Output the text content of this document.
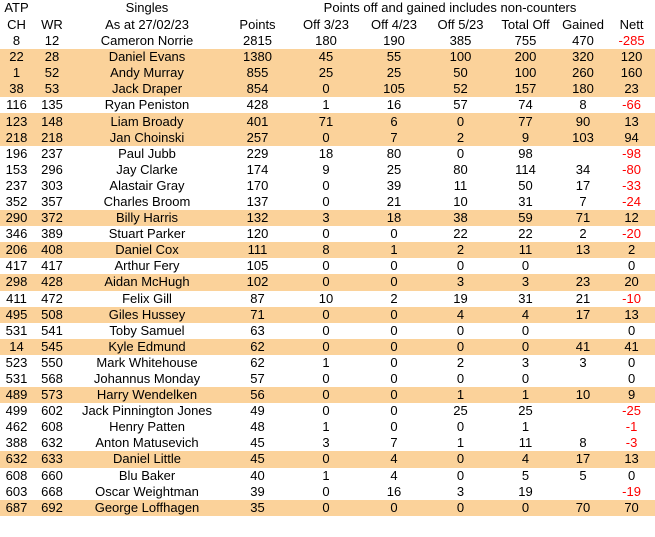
ATP		Singles		Points off and gained includes non-counters					
CH	WR	As at 27/02/23	Points	Off 3/23	Off 4/23	Off 5/23	Total Off	Gained	Nett
8	12	Cameron Norrie	2815	180	190	385	755	470	-285
22	28	Daniel Evans	1380	45	55	100	200	320	120
1	52	Andy Murray	855	25	25	50	100	260	160
38	53	Jack Draper	854	0	105	52	157	180	23
116	135	Ryan Peniston	428	1	16	57	74	8	-66
123	148	Liam Broady	401	71	6	0	77	90	13
218	218	Jan Choinski	257	0	7	2	9	103	94
196	237	Paul Jubb	229	18	80	0	98		-98
153	296	Jay Clarke	174	9	25	80	114	34	-80
237	303	Alastair Gray	170	0	39	11	50	17	-33
352	357	Charles Broom	137	0	21	10	31	7	-24
290	372	Billy Harris	132	3	18	38	59	71	12
346	389	Stuart Parker	120	0	0	22	22	2	-20
206	408	Daniel Cox	111	8	1	2	11	13	2
417	417	Arthur Fery	105	0	0	0	0		0
298	428	Aidan McHugh	102	0	0	3	3	23	20
411	472	Felix Gill	87	10	2	19	31	21	-10
495	508	Giles Hussey	71	0	0	4	4	17	13
531	541	Toby Samuel	63	0	0	0	0		0
14	545	Kyle Edmund	62	0	0	0	0	41	41
523	550	Mark Whitehouse	62	1	0	2	3	3	0
531	568	Johannus Monday	57	0	0	0	0		0
489	573	Harry Wendelken	56	0	0	1	1	10	9
499	602	Jack Pinnington Jones	49	0	0	25	25		-25
462	608	Henry Patten	48	1	0	0	1		-1
388	632	Anton Matusevich	45	3	7	1	11	8	-3
632	633	Daniel Little	45	0	4	0	4	17	13
608	660	Blu Baker	40	1	4	0	5	5	0
603	668	Oscar Weightman	39	0	16	3	19		-19
687	692	George Loffhagen	35	0	0	0	0	70	70
